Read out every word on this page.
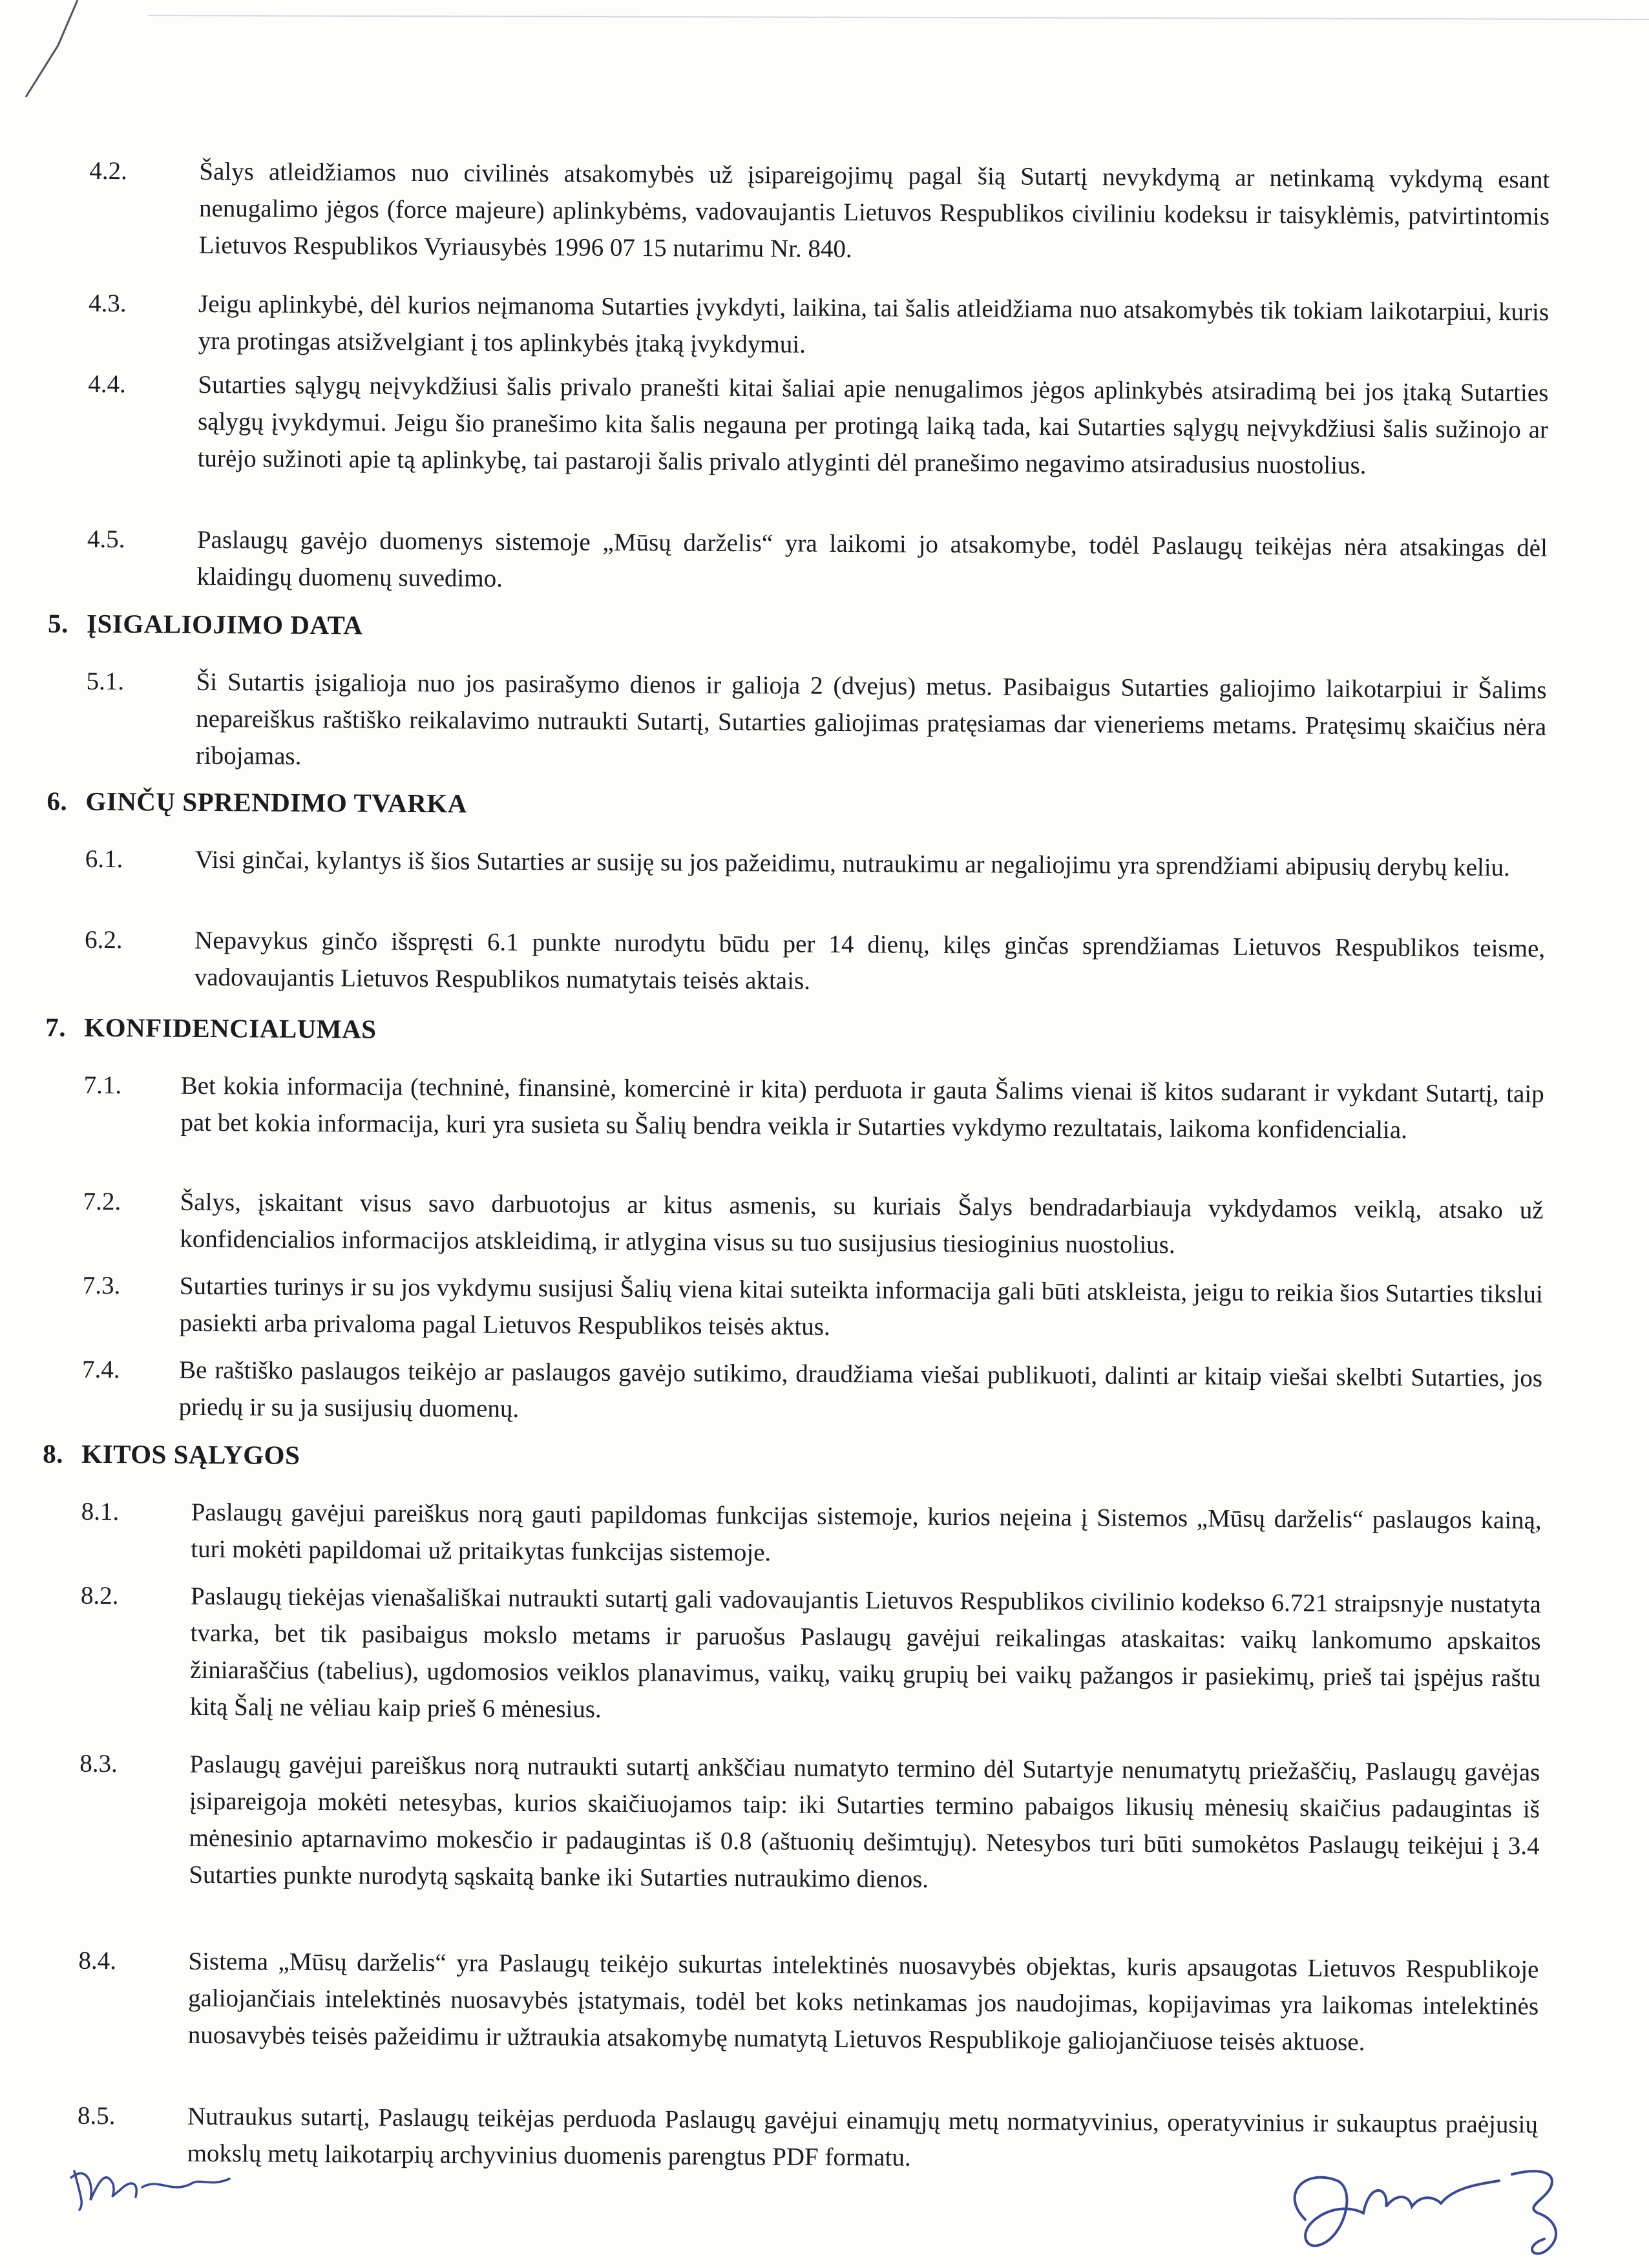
4.2.	Šalys atleidžiamos nuo civilinės atsakomybės už įsipareigojimų pagal šią Sutartį nevykdymą ar netinkamą vykdymą esant nenugalimo jėgos (force majeure) aplinkybėms, vadovaujantis Lietuvos Respublikos civiliniu kodeksu ir taisyklėmis, patvirtintomis Lietuvos Respublikos Vyriausybės 1996 07 15 nutarimu Nr. 840.
4.3.	Jeigu aplinkybė, dėl kurios neįmanoma Sutarties įvykdyti, laikina, tai šalis atleidžiama nuo atsakomybės tik tokiam laikotarpiui, kuris yra protingas atsižvelgiant į tos aplinkybės įtaką įvykdymui.
4.4.	Sutarties sąlygų neįvykdžiusi šalis privalo pranešti kitai šaliai apie nenugalimos jėgos aplinkybės atsiradimą bei jos įtaką Sutarties sąlygų įvykdymui. Jeigu šio pranešimo kita šalis negauna per protingą laiką tada, kai Sutarties sąlygų neįvykdžiusi šalis sužinojo ar turėjo sužinoti apie tą aplinkybę, tai pastaroji šalis privalo atlyginti dėl pranešimo negavimo atsiradusius nuostolius.
4.5.	Paslaugų gavėjo duomenys sistemoje „Mūsų darželis“ yra laikomi jo atsakomybe, todėl Paslaugų teikėjas nėra atsakingas dėl klaidingų duomenų suvedimo.
5. ĮSIGALIOJIMO DATA
5.1.	Ši Sutartis įsigalioja nuo jos pasirašymo dienos ir galioja 2 (dvejus) metus. Pasibaigus Sutarties galiojimo laikotarpiui ir Šalims nepareiškus raštiško reikalavimo nutraukti Sutartį, Sutarties galiojimas pratęsiamas dar vieneriems metams. Pratęsimų skaičius nėra ribojamas.
6. GINČŲ SPRENDIMO TVARKA
6.1.	Visi ginčai, kylantys iš šios Sutarties ar susiję su jos pažeidimu, nutraukimu ar negaliojimu yra sprendžiami abipusių derybų keliu.
6.2.	Nepavykus ginčo išspręsti 6.1 punkte nurodytu būdu per 14 dienų, kilęs ginčas sprendžiamas Lietuvos Respublikos teisme, vadovaujantis Lietuvos Respublikos numatytais teisės aktais.
7. KONFIDENCIALUMAS
7.1. Bet kokia informacija (techninė, finansinė, komercinė ir kita) perduota ir gauta Šalims vienai iš kitos sudarant ir vykdant Sutartį, taip pat bet kokia informacija, kuri yra susieta su Šalių bendra veikla ir Sutarties vykdymo rezultatais, laikoma konfidencialia.
7.2. Šalys, įskaitant visus savo darbuotojus ar kitus asmenis, su kuriais Šalys bendradarbiauja vykdydamos veiklą, atsako už konfidencialios informacijos atskleidimą, ir atlygina visus su tuo susijusius tiesioginius nuostolius.
7.3. Sutarties turinys ir su jos vykdymu susijusi Šalių viena kitai suteikta informacija gali būti atskleista, jeigu to reikia šios Sutarties tikslui pasiekti arba privaloma pagal Lietuvos Respublikos teisės aktus.
7.4. Be raštiško paslaugos teikėjo ar paslaugos gavėjo sutikimo, draudžiama viešai publikuoti, dalinti ar kitaip viešai skelbti Sutarties, jos priedų ir su ja susijusių duomenų.
8. KITOS SĄLYGOS
8.1.	Paslaugų gavėjui pareiškus norą gauti papildomas funkcijas sistemoje, kurios neįeina į Sistemos „Mūsų darželis“ paslaugos kainą, turi mokėti papildomai už pritaikytas funkcijas sistemoje.
8.2.	Paslaugų tiekėjas vienašališkai nutraukti sutartį gali vadovaujantis Lietuvos Respublikos civilinio kodekso 6.721 straipsnyje nustatyta tvarka, bet tik pasibaigus mokslo metams ir paruošus Paslaugų gavėjui reikalingas ataskaitas: vaikų lankomumo apskaitos žiniaraščius (tabelius), ugdomosios veiklos planavimus, vaikų, vaikų grupių bei vaikų pažangos ir pasiekimų, prieš tai įspėjus raštu kitą Šalį ne vėliau kaip prieš 6 mėnesius.
8.3.	Paslaugų gavėjui pareiškus norą nutraukti sutartį ankščiau numatyto termino dėl Sutartyje nenumatytų priežaščių, Paslaugų gavėjas įsipareigoja mokėti netesybas, kurios skaičiuojamos taip: iki Sutarties termino pabaigos likusių mėnesių skaičius padaugintas iš mėnesinio aptarnavimo mokesčio ir padaugintas iš 0.8 (aštuonių dešimtųjų). Netesybos turi būti sumokėtos Paslaugų teikėjui į 3.4 Sutarties punkte nurodytą sąskaitą banke iki Sutarties nutraukimo dienos.
8.4.	Sistema „Mūsų darželis“ yra Paslaugų teikėjo sukurtas intelektinės nuosavybės objektas, kuris apsaugotas Lietuvos Respublikoje galiojančiais intelektinės nuosavybės įstatymais, todėl bet koks netinkamas jos naudojimas, kopijavimas yra laikomas intelektinės nuosavybės teisės pažeidimu ir užtraukia atsakomybę numatytą Lietuvos Respublikoje galiojančiuose teisės aktuose.
8.5.	Nutraukus sutartį, Paslaugų teikėjas perduoda Paslaugų gavėjui einamųjų metų normatyvinius, operatyvinius ir sukauptus praėjusių mokslų metų laikotarpių archyvinius duomenis parengtus PDF formatu.
